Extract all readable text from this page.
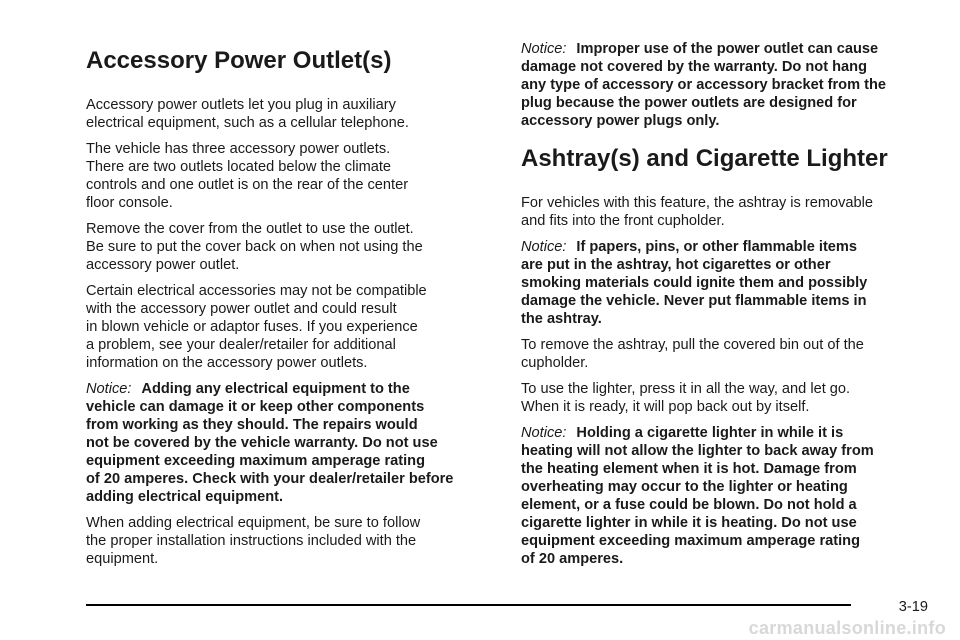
Accessory Power Outlet(s)

Accessory power outlets let you plug in auxiliary
electrical equipment, such as a cellular telephone.

The vehicle has three accessory power outlets.
There are two outlets located below the climate
controls and one outlet is on the rear of the center
floor console.

Remove the cover from the outlet to use the outlet.
Be sure to put the cover back on when not using the
accessory power outlet.

Certain electrical accessories may not be compatible
with the accessory power outlet and could result
in blown vehicle or adaptor fuses. If you experience
a problem, see your dealer/retailer for additional
information on the accessory power outlets.

Notice: Adding any electrical equipment to the
vehicle can damage it or keep other components
from working as they should. The repairs would
not be covered by the vehicle warranty. Do not use
equipment exceeding maximum amperage rating
of 20 amperes. Check with your dealer/retailer before
adding electrical equipment.

When adding electrical equipment, be sure to follow
the proper installation instructions included with the
equipment.

Notice: Improper use of the power outlet can cause
damage not covered by the warranty. Do not hang
any type of accessory or accessory bracket from the
plug because the power outlets are designed for
accessory power plugs only.

Ashtray(s) and Cigarette Lighter

For vehicles with this feature, the ashtray is removable
and fits into the front cupholder.

Notice: If papers, pins, or other flammable items
are put in the ashtray, hot cigarettes or other
smoking materials could ignite them and possibly
damage the vehicle. Never put flammable items in
the ashtray.

To remove the ashtray, pull the covered bin out of the
cupholder.

To use the lighter, press it in all the way, and let go.
When it is ready, it will pop back out by itself.

Notice: Holding a cigarette lighter in while it is
heating will not allow the lighter to back away from
the heating element when it is hot. Damage from
overheating may occur to the lighter or heating
element, or a fuse could be blown. Do not hold a
cigarette lighter in while it is heating. Do not use
equipment exceeding maximum amperage rating
of 20 amperes.

3-19
carmanualsonline.info
